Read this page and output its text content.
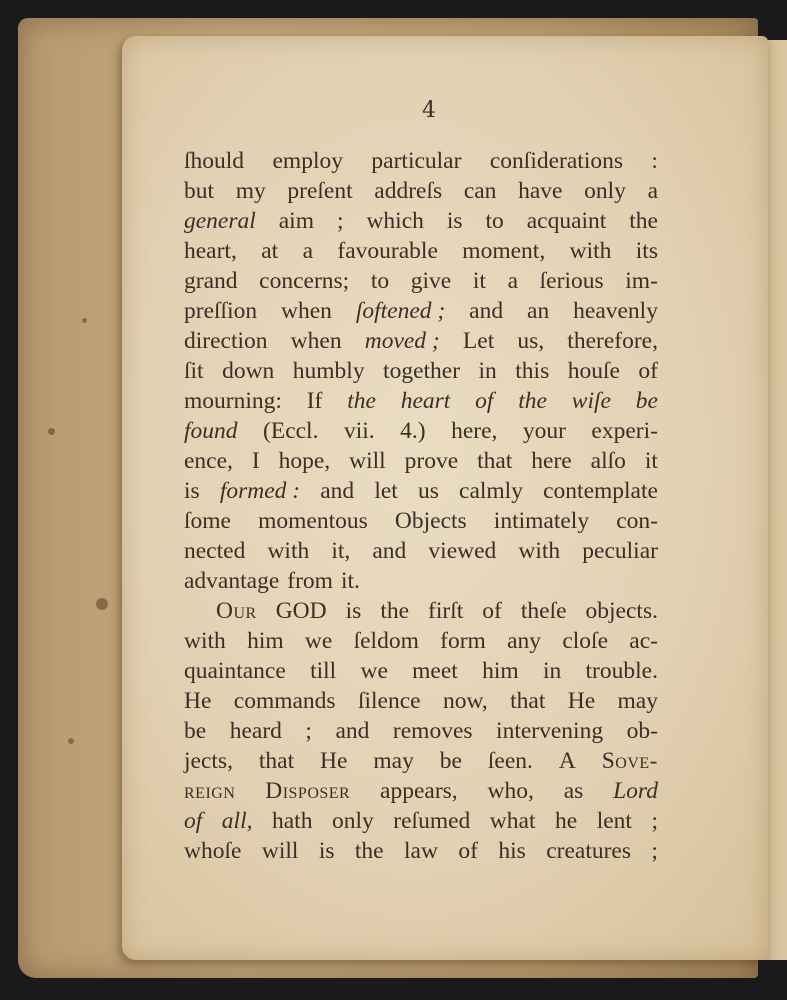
4
ſhould employ particular conſiderations :
but my preſent addreſs can have only a
general aim ; which is to acquaint the
heart, at a favourable moment, with its
grand concerns; to give it a ſerious im-
preſſion when ſoftened ; and an heavenly
direction when moved ; Let us, therefore,
ſit down humbly together in this houſe of
mourning: If the heart of the wiſe be
found (Eccl. vii. 4.) here, your experi-
ence, I hope, will prove that here alſo it
is formed : and let us calmly contemplate
ſome momentous Objects intimately con-
nected with it, and viewed with peculiar
advantage from it.
Our GOD is the firſt of theſe objects.
with him we ſeldom form any cloſe ac-
quaintance till we meet him in trouble.
He commands ſilence now, that He may
be heard ; and removes intervening ob-
jects, that He may be ſeen. A Sove-
reign Disposer appears, who, as Lord
of all, hath only reſumed what he lent ;
whoſe will is the law of his creatures ;
